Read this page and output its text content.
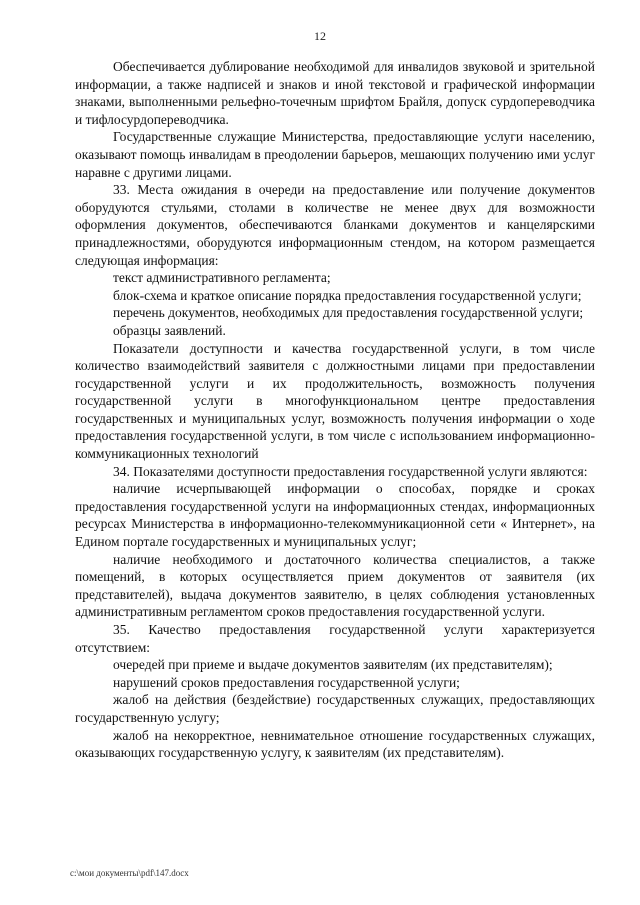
12

Обеспечивается дублирование необходимой для инвалидов звуковой и зрительной информации, а также надписей и знаков и иной текстовой и графической информации знаками, выполненными рельефно-точечным шрифтом Брайля, допуск сурдопереводчика и тифлосурдопереводчика.

Государственные служащие Министерства, предоставляющие услуги населению, оказывают помощь инвалидам в преодолении барьеров, мешающих получению ими услуг наравне с другими лицами.

33. Места ожидания в очереди на предоставление или получение документов оборудуются стульями, столами в количестве не менее двух для возможности оформления документов, обеспечиваются бланками документов и канцелярскими принадлежностями, оборудуются информационным стендом, на котором размещается следующая информация:

текст административного регламента;

блок-схема и краткое описание порядка предоставления государственной услуги;

перечень документов, необходимых для предоставления государственной услуги;

образцы заявлений.

Показатели доступности и качества государственной услуги, в том числе количество взаимодействий заявителя с должностными лицами при предоставлении государственной услуги и их продолжительность, возможность получения государственной услуги в многофункциональном центре предоставления государственных и муниципальных услуг, возможность получения информации о ходе предоставления государственной услуги, в том числе с использованием информационно-коммуникационных технологий

34. Показателями доступности предоставления государственной услуги являются:

наличие исчерпывающей информации о способах, порядке и сроках предоставления государственной услуги на информационных стендах, информационных ресурсах Министерства в информационно-телекоммуникационной сети « Интернет», на Едином портале государственных и муниципальных услуг;

наличие необходимого и достаточного количества специалистов, а также помещений, в которых осуществляется прием документов от заявителя (их представителей), выдача документов заявителю, в целях соблюдения установленных административным регламентом сроков предоставления государственной услуги.

35. Качество предоставления государственной услуги характеризуется отсутствием:

очередей при приеме и выдаче документов заявителям (их представителям);

нарушений сроков предоставления государственной услуги;

жалоб на действия (бездействие) государственных служащих, предоставляющих государственную услугу;

жалоб на некорректное, невнимательное отношение государственных служащих, оказывающих государственную услугу, к заявителям (их представителям).

c:\мои документы\pdf\147.docx
